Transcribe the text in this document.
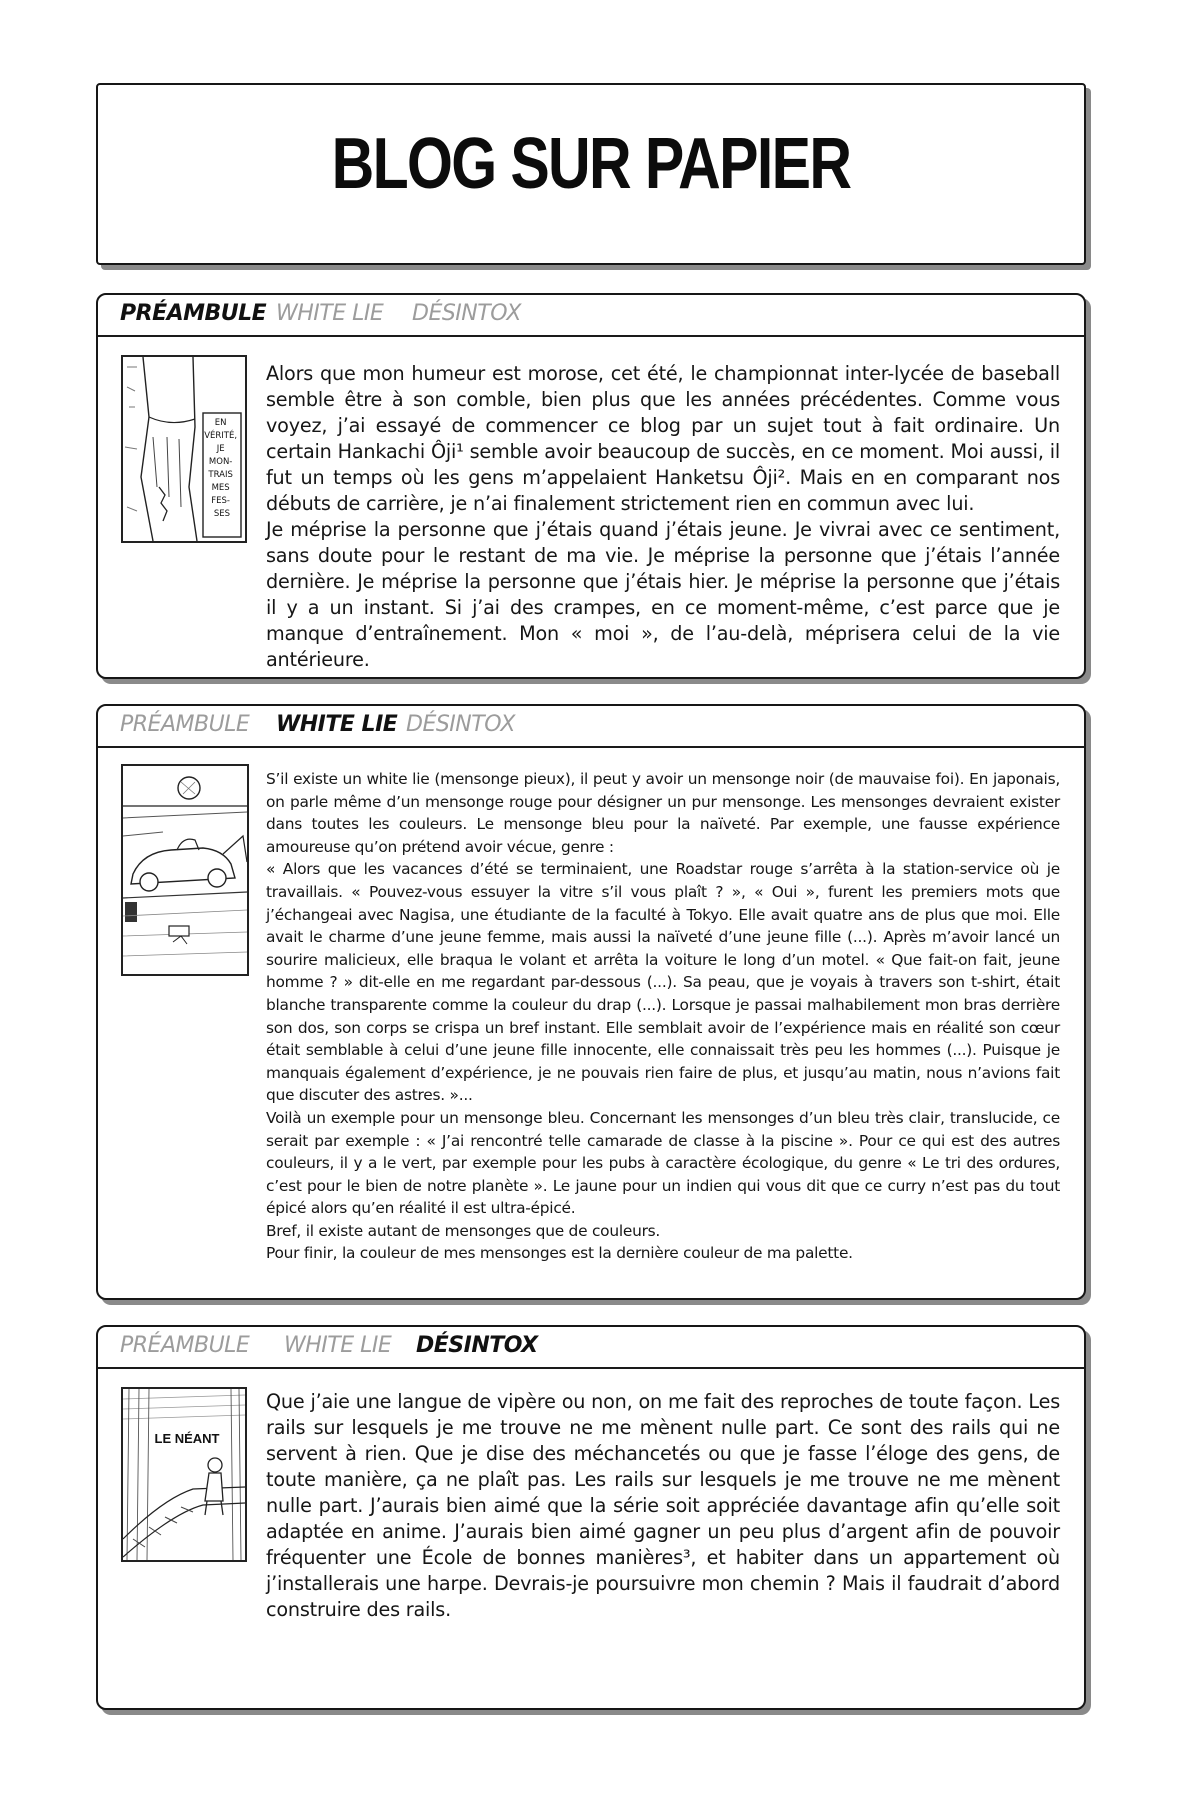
BLOG SUR PAPIER
PRÉAMBULE WHITE LIE DÉSINTOX
EN VÉRITÉ, JE MON- TRAIS MES FES- SES

Alors que mon humeur est morose, cet été, le championnat inter-lycée de baseball semble être à son comble, bien plus que les années précédentes. Comme vous voyez, j’ai essayé de commencer ce blog par un sujet tout à fait ordinaire. Un certain Hankachi Ôji¹ semble avoir beaucoup de succès, en ce moment. Moi aussi, il fut un temps où les gens m’appelaient Hanketsu Ôji². Mais en en comparant nos débuts de carrière, je n’ai finalement strictement rien en commun avec lui.

Je méprise la personne que j’étais quand j’étais jeune. Je vivrai avec ce sentiment, sans doute pour le restant de ma vie. Je méprise la personne que j’étais l’année dernière. Je méprise la personne que j’étais hier. Je méprise la personne que j’étais il y a un instant. Si j’ai des crampes, en ce moment-même, c’est parce que je manque d’entraînement. Mon « moi », de l’au-delà, méprisera celui de la vie antérieure.

PRÉAMBULE WHITE LIE DÉSINTOX

S’il existe un white lie (mensonge pieux), il peut y avoir un mensonge noir (de mauvaise foi). En japonais, on parle même d’un mensonge rouge pour désigner un pur mensonge. Les mensonges devraient exister dans toutes les couleurs. Le mensonge bleu pour la naïveté. Par exemple, une fausse expérience amoureuse qu’on prétend avoir vécue, genre :

« Alors que les vacances d’été se terminaient, une Roadstar rouge s’arrêta à la station-service où je travaillais. « Pouvez-vous essuyer la vitre s’il vous plaît ? », « Oui », furent les premiers mots que j’échangeai avec Nagisa, une étudiante de la faculté à Tokyo. Elle avait quatre ans de plus que moi. Elle avait le charme d’une jeune femme, mais aussi la naïveté d’une jeune fille (...). Après m’avoir lancé un sourire malicieux, elle braqua le volant et arrêta la voiture le long d’un motel. « Que fait-on fait, jeune homme ? » dit-elle en me regardant par-dessous (...). Sa peau, que je voyais à travers son t-shirt, était blanche transparente comme la couleur du drap (...). Lorsque je passai malhabilement mon bras derrière son dos, son corps se crispa un bref instant. Elle semblait avoir de l’expérience mais en réalité son cœur était semblable à celui d’une jeune fille innocente, elle connaissait très peu les hommes (...). Puisque je manquais également d’expérience, je ne pouvais rien faire de plus, et jusqu’au matin, nous n’avions fait que discuter des astres. »...

Voilà un exemple pour un mensonge bleu. Concernant les mensonges d’un bleu très clair, translucide, ce serait par exemple : « J’ai rencontré telle camarade de classe à la piscine ». Pour ce qui est des autres couleurs, il y a le vert, par exemple pour les pubs à caractère écologique, du genre « Le tri des ordures, c’est pour le bien de notre planète ». Le jaune pour un indien qui vous dit que ce curry n’est pas du tout épicé alors qu’en réalité il est ultra-épicé.

Bref, il existe autant de mensonges que de couleurs.

Pour finir, la couleur de mes mensonges est la dernière couleur de ma palette.

PRÉAMBULE WHITE LIE DÉSINTOX
LE NÉANT

Que j’aie une langue de vipère ou non, on me fait des reproches de toute façon. Les rails sur lesquels je me trouve ne me mènent nulle part. Ce sont des rails qui ne servent à rien. Que je dise des méchancetés ou que je fasse l’éloge des gens, de toute manière, ça ne plaît pas. Les rails sur lesquels je me trouve ne me mènent nulle part. J’aurais bien aimé que la série soit appréciée davantage afin qu’elle soit adaptée en anime. J’aurais bien aimé gagner un peu plus d’argent afin de pouvoir fréquenter une École de bonnes manières³, et habiter dans un appartement où j’installerais une harpe. Devrais-je poursuivre mon chemin ? Mais il faudrait d’abord construire des rails.
